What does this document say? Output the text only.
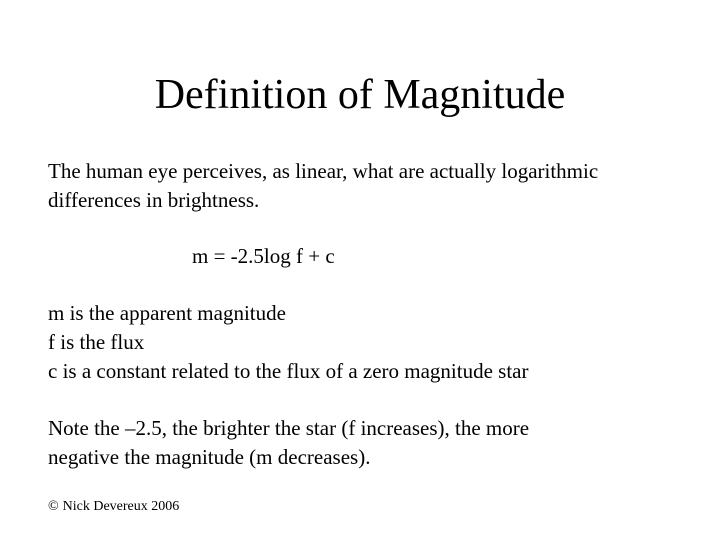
Definition of Magnitude
The human eye perceives, as linear, what are actually logarithmic
differences in brightness.
m = -2.5log f + c
m is the apparent magnitude
f is the flux
c is a constant related to the flux of a zero magnitude star
Note the –2.5, the brighter the star (f increases), the more
negative the magnitude (m decreases).
© Nick Devereux 2006
